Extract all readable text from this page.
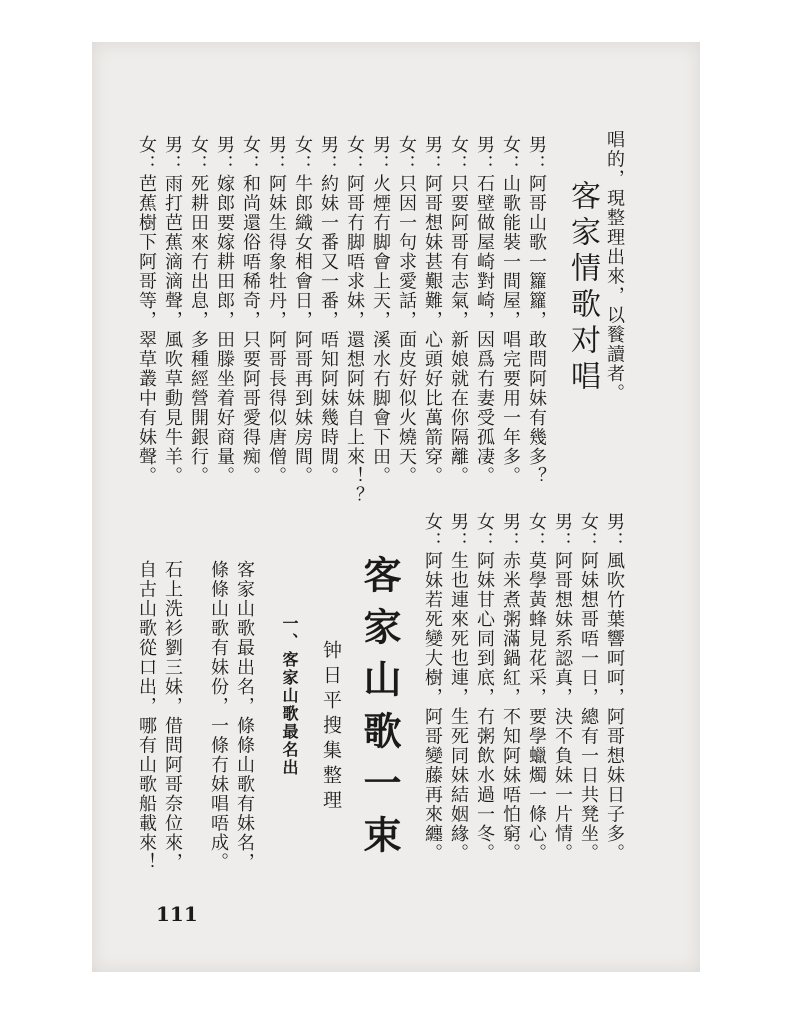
唱的，現整理出來，以餮讀者。
客家情歌对唱
男：阿哥山歌一籮籮，敢問阿妹有幾多？
女：山歌能裝一間屋，唱完要用一年多。
男：石壁做屋崎對崎，因爲冇妻受孤凄。
女：只要阿哥有志氣，新娘就在你隔離。
男：阿哥想妹甚艱難，心頭好比萬箭穿。
女：只因一句求愛話，面皮好似火燒天。
男：火煙冇脚會上天，溪水冇脚會下田。
女：阿哥冇脚唔求妹，還想阿妹自上來！？
男：約妹一番又一番，唔知阿妹幾時閒。
女：牛郎織女相會日，阿哥再到妹房間。
男：阿妹生得象牡丹，阿哥長得似唐僧。
女：和尚還俗唔稀奇，只要阿哥愛得痴。
男：嫁郎要嫁耕田郎，田滕坐着好商量。
女：死耕田來冇出息，多種經營開銀行。
男：雨打芭蕉滴滴聲，風吹草動見牛羊。
女：芭蕉樹下阿哥等，翠草叢中有妹聲。
男：風吹竹葉響呵呵，阿哥想妹日子多。
女：阿妹想哥唔一日，總有一日共凳坐。
男：阿哥想妹系認真，決不負妹一片情。
女：莫學黃蜂見花采，要學蠟燭一條心。
男：赤米煮粥滿鍋紅，不知阿妹唔怕窮。
女：阿妹甘心同到底，冇粥飲水過一冬。
男：生也連來死也連，生死同妹結姻緣。
女：阿妹若死變大樹，阿哥變藤再來纏。
客家山歌一束
钟日平搜集整理
一、客家山歌最名出
客家山歌最出名，條條山歌有妹名，
條條山歌有妹份，一條冇妹唱唔成。
石上洗衫劉三妹，借問阿哥奈位來，
自古山歌從口出，哪有山歌船載來！
111
